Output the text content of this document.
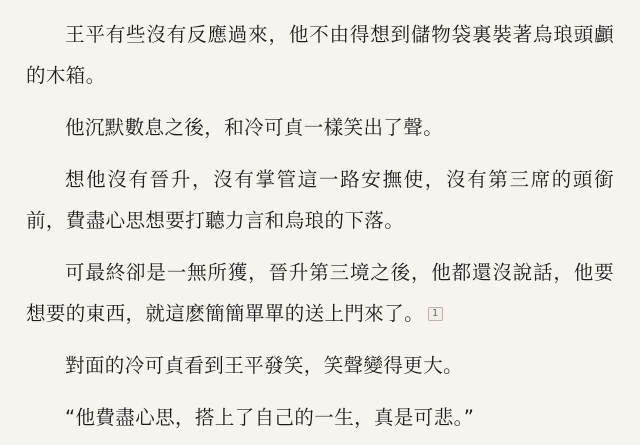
王平有些沒有反應過來，他不由得想到儲物袋裏裝著烏琅頭顱的木箱。

他沉默數息之後，和冷可貞一樣笑出了聲。

想他沒有晉升，沒有掌管這一路安撫使，沒有第三席的頭銜前，費盡心思想要打聽力言和烏琅的下落。

可最終卻是一無所獲，晉升第三境之後，他都還沒說話，他要想要的東西，就這麽簡簡單單的送上門來了。 1

對面的冷可貞看到王平發笑，笑聲變得更大。

“他費盡心思，搭上了自己的一生，真是可悲。”
